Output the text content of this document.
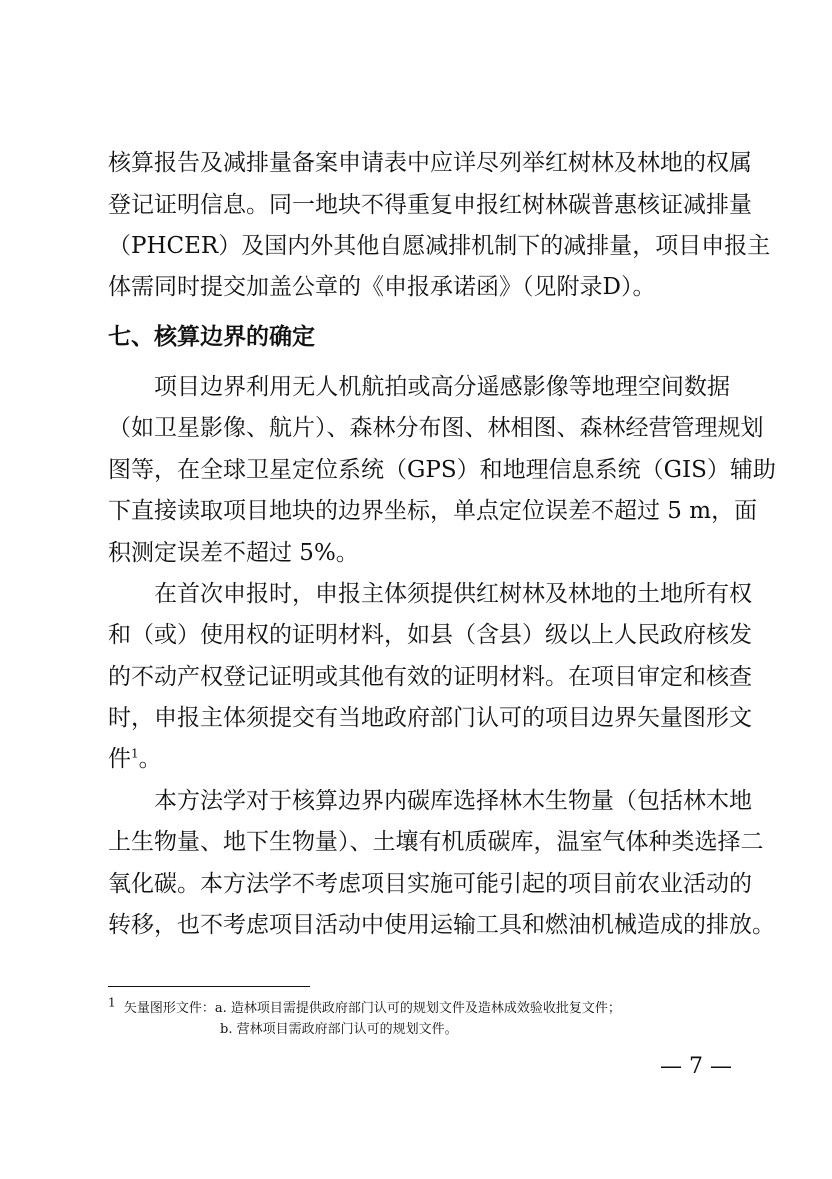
核算报告及减排量备案申请表中应详尽列举红树林及林地的权属
登记证明信息。同一地块不得重复申报红树林碳普惠核证减排量
（PHCER）及国内外其他自愿减排机制下的减排量，项目申报主
体需同时提交加盖公章的《申报承诺函》（见附录D）。
七、核算边界的确定
项目边界利用无人机航拍或高分遥感影像等地理空间数据
（如卫星影像、航片）、森林分布图、林相图、森林经营管理规划
图等，在全球卫星定位系统（GPS）和地理信息系统（GIS）辅助
下直接读取项目地块的边界坐标，单点定位误差不超过 5 m，面
积测定误差不超过 5%。
在首次申报时，申报主体须提供红树林及林地的土地所有权
和（或）使用权的证明材料，如县（含县）级以上人民政府核发
的不动产权登记证明或其他有效的证明材料。在项目审定和核查
时，申报主体须提交有当地政府部门认可的项目边界矢量图形文
件$^1$。
本方法学对于核算边界内碳库选择林木生物量（包括林木地
上生物量、地下生物量）、土壤有机质碳库，温室气体种类选择二
氧化碳。本方法学不考虑项目实施可能引起的项目前农业活动的
转移，也不考虑项目活动中使用运输工具和燃油机械造成的排放。
$^1$ 矢量图形文件：a. 造林项目需提供政府部门认可的规划文件及造林成效验收批复文件；
b. 营林项目需政府部门认可的规划文件。
— 7 —
